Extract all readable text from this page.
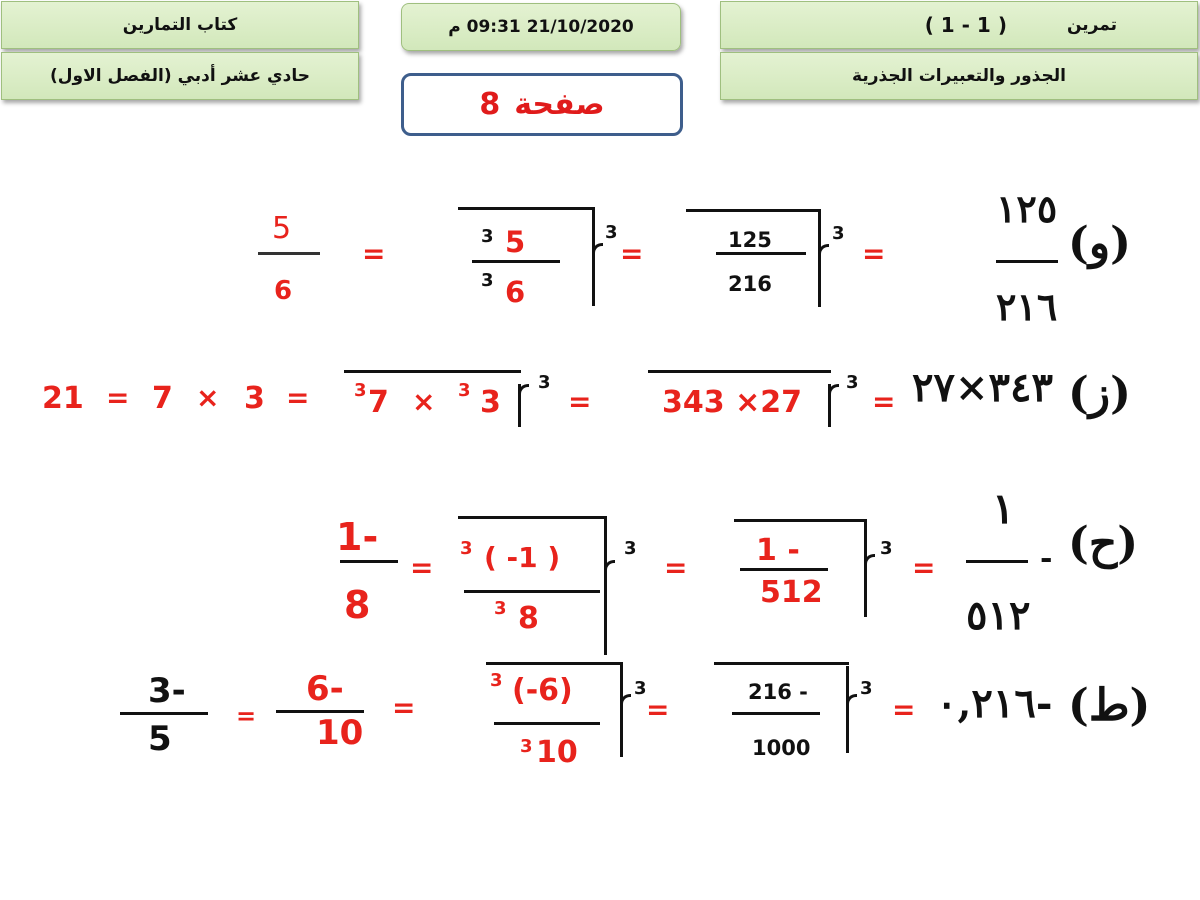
كتاب التمارين
حادي عشر أدبي (الفصل الاول)
21/10/2020 09:31 م	( 1 - 1 )	تمرين
الجذور والتعبيرات الجذرية
8 صفحة
(و)
١٢٥
٢١٦
=
3
125
216
=
3
3 5
3 6
=
5
6
(ز)
٣٤٣×٢٧
=
3
343 ×27
=
3
3 7 × 3 3
=
3
×
7
=
21
(ح)
-
١
٥١٢
=
3
1 -
512
=
3
3 ( -1 )
3 8
=
-1
8
(ط)
-٠,٢١٦
=
3
216 -
1000
=
3
3 (-6)
3 10
=
-6
10
=
-3
5
